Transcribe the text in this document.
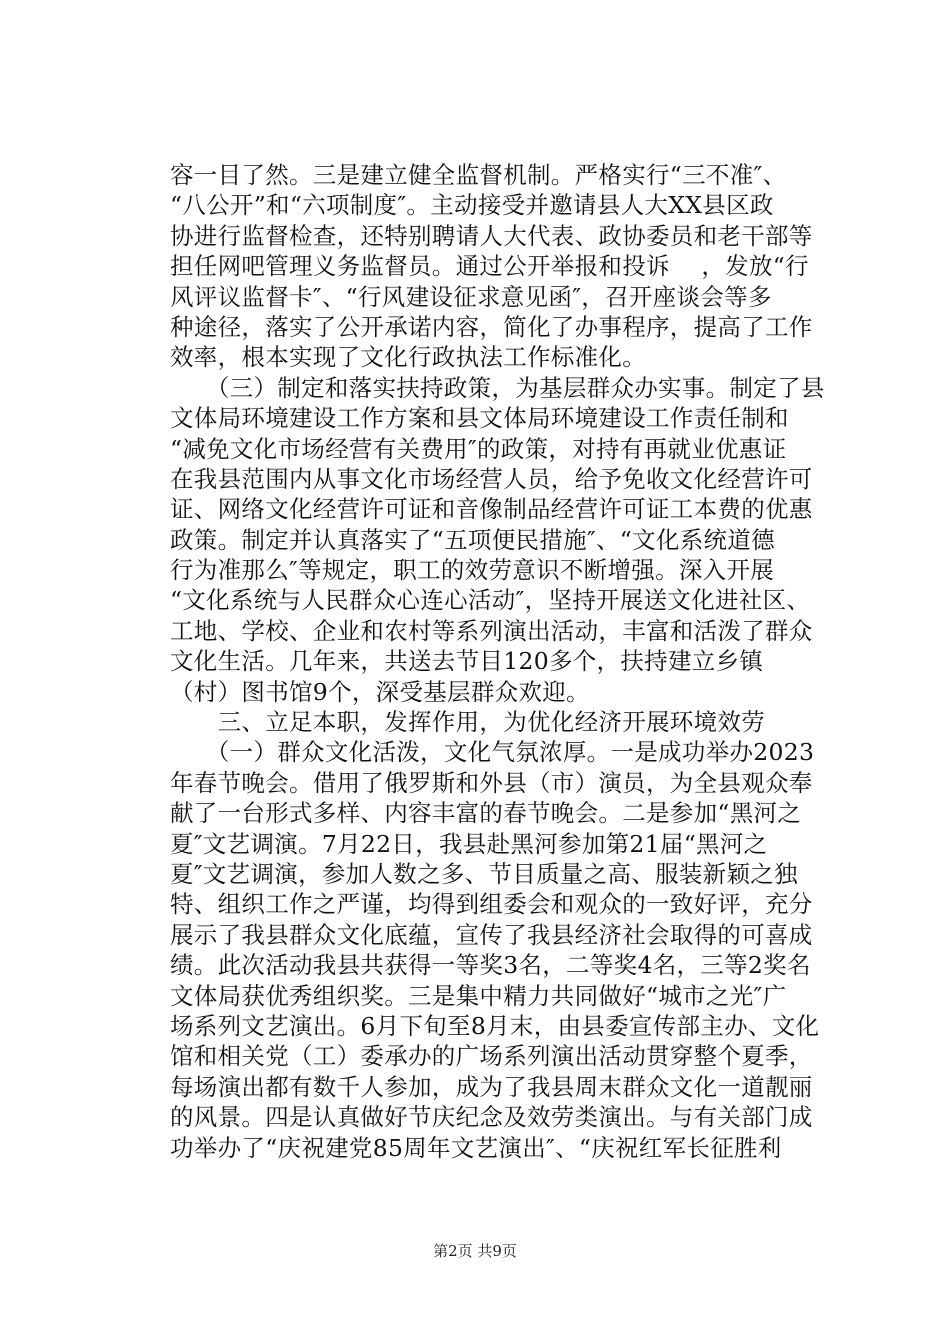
容一目了然。三是建立健全监督机制。严格实行“三不准″、
“八公开”和“六项制度″。主动接受并邀请县人大XX县区政
协进行监督检查，还特别聘请人大代表、政协委员和老干部等
担任网吧管理义务监督员。通过公开举报和投诉　 ，发放“行
风评议监督卡″、“行风建设征求意见函″，召开座谈会等多
种途径，落实了公开承诺内容，简化了办事程序，提高了工作
效率，根本实现了文化行政执法工作标准化。
　　（三）制定和落实扶持政策，为基层群众办实事。制定了县
文体局环境建设工作方案和县文体局环境建设工作责任制和
“减免文化市场经营有关费用″的政策，对持有再就业优惠证
在我县范围内从事文化市场经营人员，给予免收文化经营许可
证、网络文化经营许可证和音像制品经营许可证工本费的优惠
政策。制定并认真落实了“五项便民措施″、“文化系统道德
行为准那么″等规定，职工的效劳意识不断增强。深入开展
“文化系统与人民群众心连心活动″，坚持开展送文化进社区、
工地、学校、企业和农村等系列演出活动，丰富和活泼了群众
文化生活。几年来，共送去节目120多个，扶持建立乡镇
（村）图书馆9个，深受基层群众欢迎。
　　三、立足本职，发挥作用，为优化经济开展环境效劳
　　（一）群众文化活泼，文化气氛浓厚。一是成功举办2023
年春节晚会。借用了俄罗斯和外县（市）演员，为全县观众奉
献了一台形式多样、内容丰富的春节晚会。二是参加“黑河之
夏″文艺调演。7月22日，我县赴黑河参加第21届“黑河之
夏″文艺调演，参加人数之多、节目质量之高、服装新颖之独
特、组织工作之严谨，均得到组委会和观众的一致好评，充分
展示了我县群众文化底蕴，宣传了我县经济社会取得的可喜成
绩。此次活动我县共获得一等奖3名，二等奖4名，三等2奖名
文体局获优秀组织奖。三是集中精力共同做好“城市之光″广
场系列文艺演出。6月下旬至8月末，由县委宣传部主办、文化
馆和相关党（工）委承办的广场系列演出活动贯穿整个夏季，
每场演出都有数千人参加，成为了我县周末群众文化一道靓丽
的风景。四是认真做好节庆纪念及效劳类演出。与有关部门成
功举办了“庆祝建党85周年文艺演出″、“庆祝红军长征胜利
第2页 共9页
